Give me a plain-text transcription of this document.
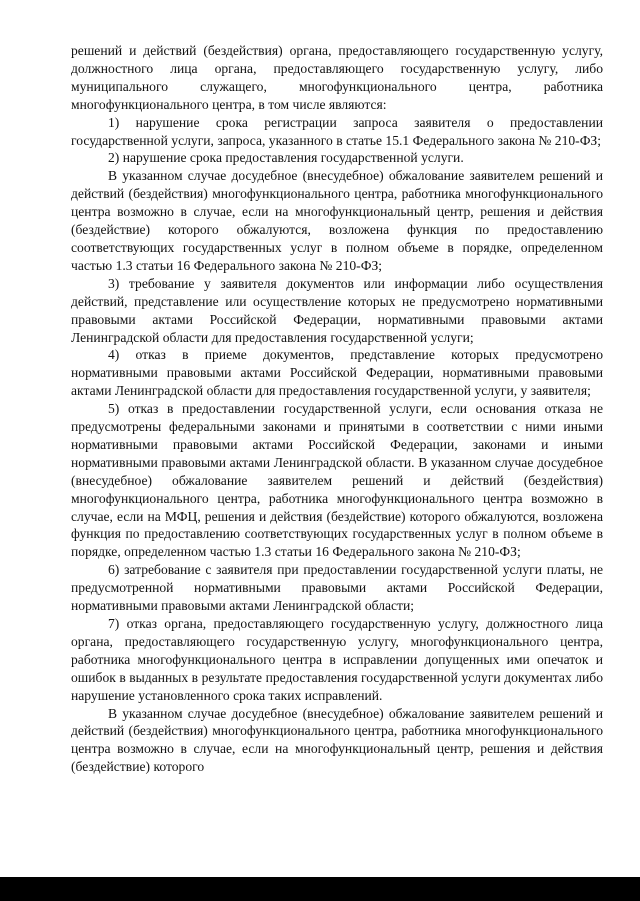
решений и действий (бездействия) органа, предоставляющего государственную услугу, должностного лица органа, предоставляющего государственную услугу, либо муниципального служащего, многофункционального центра, работника многофункционального центра, в том числе являются:

1) нарушение срока регистрации запроса заявителя о предоставлении государственной услуги, запроса, указанного в статье 15.1 Федерального закона № 210-ФЗ;

2) нарушение срока предоставления государственной услуги.

В указанном случае досудебное (внесудебное) обжалование заявителем решений и действий (бездействия) многофункционального центра, работника многофункционального центра возможно в случае, если на многофункциональный центр, решения и действия (бездействие) которого обжалуются, возложена функция по предоставлению соответствующих государственных услуг в полном объеме в порядке, определенном частью 1.3 статьи 16 Федерального закона № 210-ФЗ;

3) требование у заявителя документов или информации либо осуществления действий, представление или осуществление которых не предусмотрено нормативными правовыми актами Российской Федерации, нормативными правовыми актами Ленинградской области для предоставления государственной услуги;

4) отказ в приеме документов, представление которых предусмотрено нормативными правовыми актами Российской Федерации, нормативными правовыми актами Ленинградской области для предоставления государственной услуги, у заявителя;

5) отказ в предоставлении государственной услуги, если основания отказа не предусмотрены федеральными законами и принятыми в соответствии с ними иными нормативными правовыми актами Российской Федерации, законами и иными нормативными правовыми актами Ленинградской области. В указанном случае досудебное (внесудебное) обжалование заявителем решений и действий (бездействия) многофункционального центра, работника многофункционального центра возможно в случае, если на МФЦ, решения и действия (бездействие) которого обжалуются, возложена функция по предоставлению соответствующих государственных услуг в полном объеме в порядке, определенном частью 1.3 статьи 16 Федерального закона № 210-ФЗ;

6) затребование с заявителя при предоставлении государственной услуги платы, не предусмотренной нормативными правовыми актами Российской Федерации, нормативными правовыми актами Ленинградской области;

7) отказ органа, предоставляющего государственную услугу, должностного лица органа, предоставляющего государственную услугу, многофункционального центра, работника многофункционального центра в исправлении допущенных ими опечаток и ошибок в выданных в результате предоставления государственной услуги документах либо нарушение установленного срока таких исправлений.

В указанном случае досудебное (внесудебное) обжалование заявителем решений и действий (бездействия) многофункционального центра, работника многофункционального центра возможно в случае, если на многофункциональный центр, решения и действия (бездействие) которого
